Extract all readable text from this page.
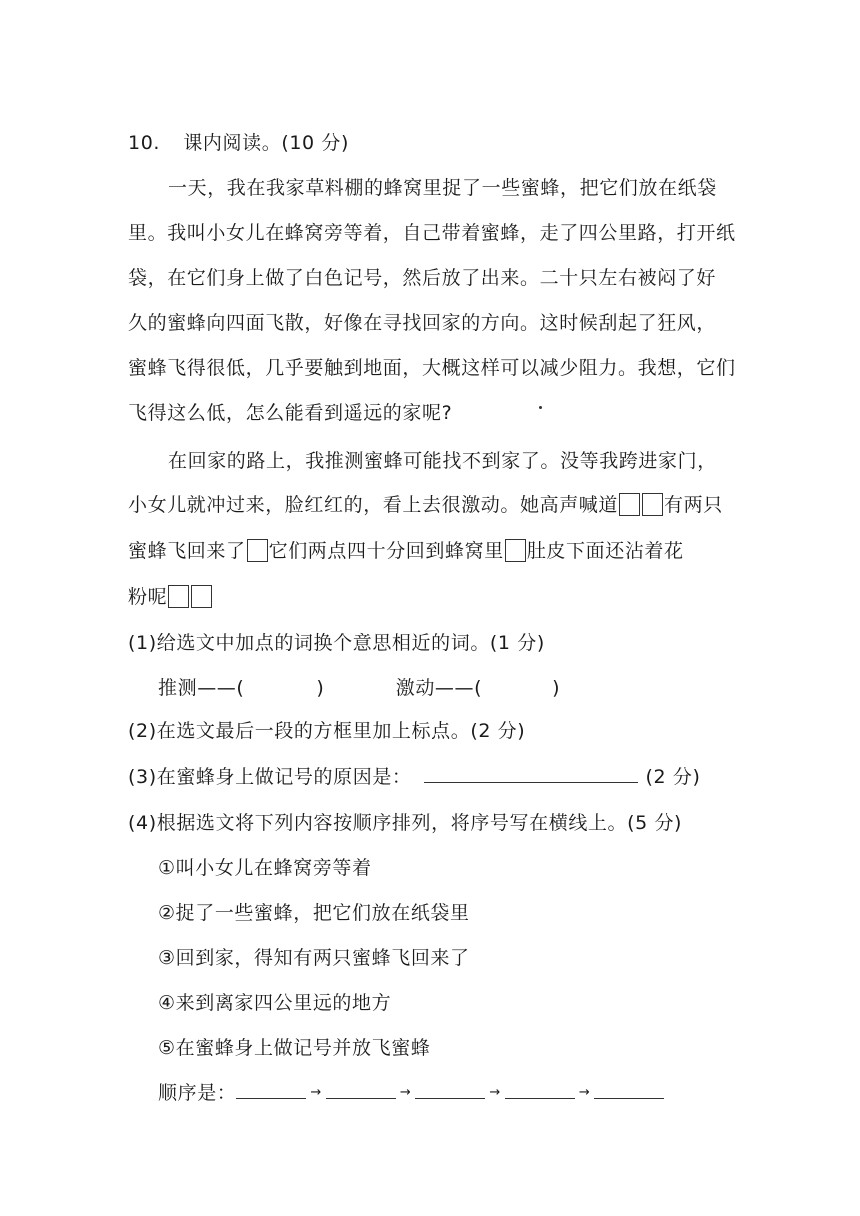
10. 课内阅读。(10 分)
一天，我在我家草料棚的蜂窝里捉了一些蜜蜂，把它们放在纸袋
里。我叫小女儿在蜂窝旁等着，自己带着蜜蜂，走了四公里路，打开纸
袋，在它们身上做了白色记号，然后放了出来。二十只左右被闷了好
久的蜜蜂向四面飞散，好像在寻找回家的方向。这时候刮起了狂风，
蜜蜂飞得很低，几乎要触到地面，大概这样可以减少阻力。我想，它们
飞得这么低，怎么能看到遥远的家呢?
在回家的路上，我推测蜜蜂可能找不到家了。没等我跨进家门，
小女儿就冲过来，脸红红的，看上去很激动。她高声喊道 有两只
蜜蜂飞回来了 它们两点四十分回到蜂窝里 肚皮下面还沾着花
粉呢
(1)给选文中加点的词换个意思相近的词。(1 分)
推测——(	)	激动——(	)
(2)在选文最后一段的方框里加上标点。(2 分)
(3)在蜜蜂身上做记号的原因是：	(2 分)
(4)根据选文将下列内容按顺序排列，将序号写在横线上。(5 分)
①叫小女儿在蜂窝旁等着
②捉了一些蜜蜂，把它们放在纸袋里
③回到家，得知有两只蜜蜂飞回来了
④来到离家四公里远的地方
⑤在蜜蜂身上做记号并放飞蜜蜂
顺序是：	→	→	→	→
